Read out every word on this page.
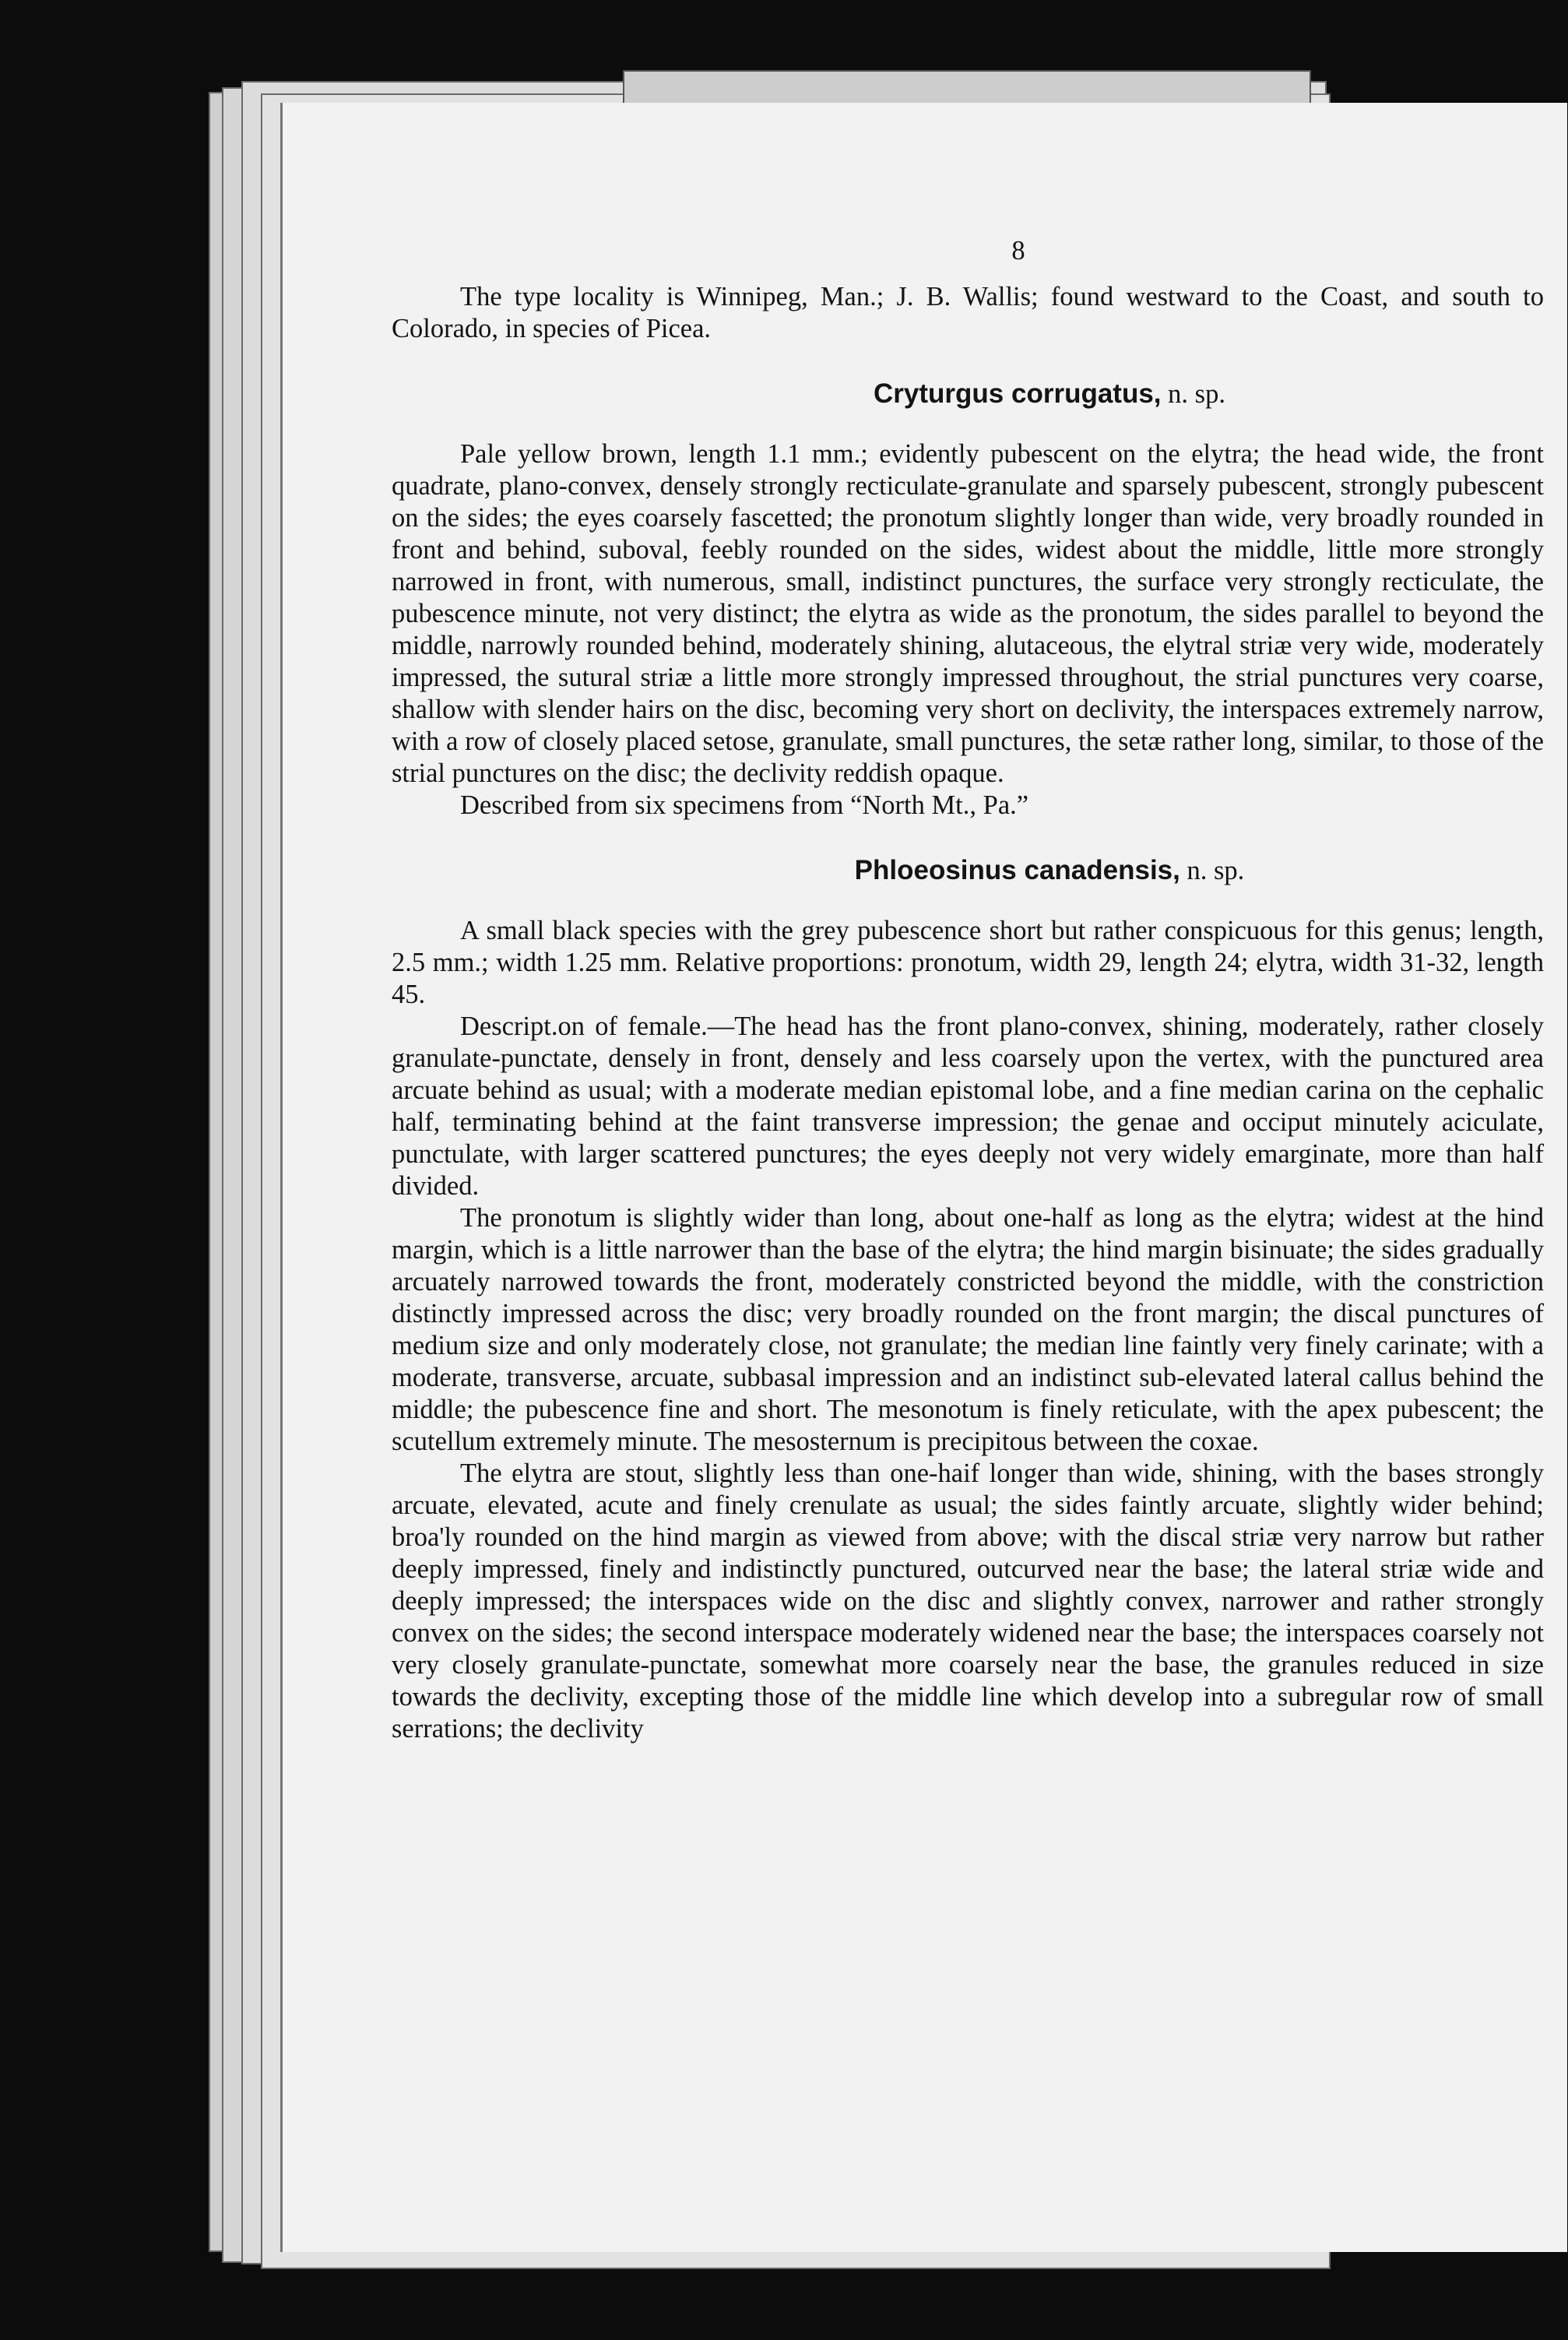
8

The type locality is Winnipeg, Man.; J. B. Wallis; found westward to the Coast, and south to Colorado, in species of Picea.

Cryturgus corrugatus, n. sp.

Pale yellow brown, length 1.1 mm.; evidently pubescent on the elytra; the head wide, the front quadrate, plano-convex, densely strongly recticulate-granulate and sparsely pubescent, strongly pubescent on the sides; the eyes coarsely fascetted; the pronotum slightly longer than wide, very broadly rounded in front and behind, suboval, feebly rounded on the sides, widest about the middle, little more strongly narrowed in front, with numerous, small, indistinct punctures, the surface very strongly recticulate, the pubescence minute, not very distinct; the elytra as wide as the pronotum, the sides parallel to beyond the middle, narrowly rounded behind, moderately shining, alutaceous, the elytral striæ very wide, moderately impressed, the sutural striæ a little more strongly impressed throughout, the strial punctures very coarse, shallow with slender hairs on the disc, becoming very short on declivity, the interspaces extremely narrow, with a row of closely placed setose, granulate, small punctures, the setæ rather long, similar, to those of the strial punctures on the disc; the declivity reddish opaque.

Described from six specimens from “North Mt., Pa.”

Phloeosinus canadensis, n. sp.

A small black species with the grey pubescence short but rather conspicuous for this genus; length, 2.5 mm.; width 1.25 mm. Relative proportions: pronotum, width 29, length 24; elytra, width 31-32, length 45.

Descript.on of female.—The head has the front plano-convex, shining, moderately, rather closely granulate-punctate, densely in front, densely and less coarsely upon the vertex, with the punctured area arcuate behind as usual; with a moderate median epistomal lobe, and a fine median carina on the cephalic half, terminating behind at the faint transverse impression; the genae and occiput minutely aciculate, punctulate, with larger scattered punctures; the eyes deeply not very widely emarginate, more than half divided.

The pronotum is slightly wider than long, about one-half as long as the elytra; widest at the hind margin, which is a little narrower than the base of the elytra; the hind margin bisinuate; the sides gradually arcuately narrowed towards the front, moderately constricted beyond the middle, with the constriction distinctly impressed across the disc; very broadly rounded on the front margin; the discal punctures of medium size and only moderately close, not granulate; the median line faintly very finely carinate; with a moderate, transverse, arcuate, subbasal impression and an indistinct sub-elevated lateral callus behind the middle; the pubescence fine and short. The mesonotum is finely reticulate, with the apex pubescent; the scutellum extremely minute. The mesosternum is precipitous between the coxae.

The elytra are stout, slightly less than one-haif longer than wide, shining, with the bases strongly arcuate, elevated, acute and finely crenulate as usual; the sides faintly arcuate, slightly wider behind; broa'ly rounded on the hind margin as viewed from above; with the discal striæ very narrow but rather deeply impressed, finely and indistinctly punctured, outcurved near the base; the lateral striæ wide and deeply impressed; the interspaces wide on the disc and slightly convex, narrower and rather strongly convex on the sides; the second interspace moderately widened near the base; the interspaces coarsely not very closely granulate-punctate, somewhat more coarsely near the base, the granules reduced in size towards the declivity, excepting those of the middle line which develop into a subregular row of small serrations; the declivity
